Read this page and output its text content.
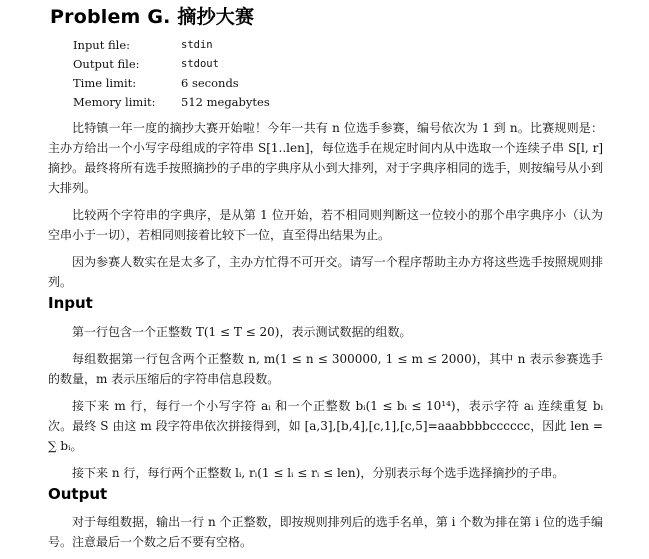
Problem G. 摘抄大赛
Input file:	stdin
Output file:	stdout
Time limit:	6 seconds
Memory limit: 512 megabytes

比特镇一年一度的摘抄大赛开始啦！今年一共有 n 位选手参赛，编号依次为 1 到 n。比赛规则是：主办方给出一个小写字母组成的字符串 S[1..len]，每位选手在规定时间内从中选取一个连续子串 S[l, r] 摘抄。最终将所有选手按照摘抄的子串的字典序从小到大排列，对于字典序相同的选手，则按编号从小到大排列。

比较两个字符串的字典序，是从第 1 位开始，若不相同则判断这一位较小的那个串字典序小（认为空串小于一切），若相同则接着比较下一位，直至得出结果为止。

因为参赛人数实在是太多了，主办方忙得不可开交。请写一个程序帮助主办方将这些选手按照规则排列。

Input

第一行包含一个正整数 T(1 ≤ T ≤ 20)，表示测试数据的组数。

每组数据第一行包含两个正整数 n, m(1 ≤ n ≤ 300000, 1 ≤ m ≤ 2000)，其中 n 表示参赛选手的数量，m 表示压缩后的字符串信息段数。

接下来 m 行，每行一个小写字符 aᵢ 和一个正整数 bᵢ(1 ≤ bᵢ ≤ 10¹⁴)，表示字符 aᵢ 连续重复 bᵢ 次。最终 S 由这 m 段字符串依次拼接得到，如 [a,3],[b,4],[c,1],[c,5]=aaabbbbcccccc，因此 len = ∑ bᵢ。

接下来 n 行，每行两个正整数 lᵢ, rᵢ(1 ≤ lᵢ ≤ rᵢ ≤ len)，分别表示每个选手选择摘抄的子串。

Output

对于每组数据，输出一行 n 个正整数，即按规则排列后的选手名单，第 i 个数为排在第 i 位的选手编号。注意最后一个数之后不要有空格。
